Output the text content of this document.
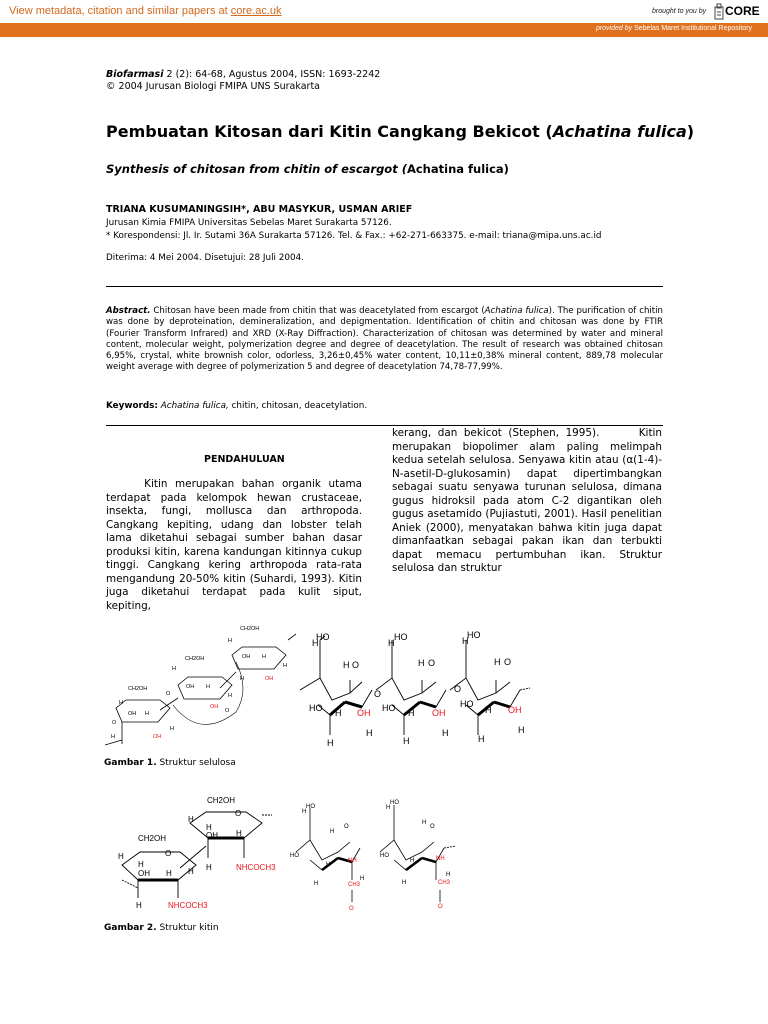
View metadata, citation and similar papers at core.ac.uk	brought to you by CORE
provided by Sebelas Maret Institutional Repository
Biofarmasi 2 (2): 64-68, Agustus 2004, ISSN: 1693-2242
© 2004 Jurusan Biologi FMIPA UNS Surakarta
Pembuatan Kitosan dari Kitin Cangkang Bekicot (Achatina fulica)
Synthesis of chitosan from chitin of escargot (Achatina fulica)
TRIANA KUSUMANINGSIH*, ABU MASYKUR, USMAN ARIEF
Jurusan Kimia FMIPA Universitas Sebelas Maret Surakarta 57126.
* Korespondensi: Jl. Ir. Sutami 36A Surakarta 57126. Tel. & Fax.: +62-271-663375. e-mail: triana@mipa.uns.ac.id
Diterima: 4 Mei 2004. Disetujui: 28 Juli 2004.
Abstract. Chitosan have been made from chitin that was deacetylated from escargot (Achatina fulica). The purification of chitin was done by deproteination, demineralization, and depigmentation. Identification of chitin and chitosan was done by FTIR (Fourier Transform Infrared) and XRD (X-Ray Diffraction). Characterization of chitosan was determined by water and mineral content, molecular weight, polymerization degree and degree of deacetylation. The result of research was obtained chitosan 6,95%, crystal, white brownish color, odorless, 3,26±0,45% water content, 10,11±0,38% mineral content, 889,78 molecular weight average with degree of polymerization 5 and degree of deacetylation 74,78-77,99%.
Keywords: Achatina fulica, chitin, chitosan, deacetylation.
PENDAHULUAN
Kitin merupakan bahan organik utama terdapat pada kelompok hewan crustaceae, insekta, fungi, mollusca dan arthropoda. Cangkang kepiting, udang dan lobster telah lama diketahui sebagai sumber bahan dasar produksi kitin, karena kandungan kitinnya cukup tinggi. Cangkang kering arthropoda rata-rata mengandung 20-50% kitin (Suhardi, 1993). Kitin juga diketahui terdapat pada kulit siput, kepiting,
kerang, dan bekicot (Stephen, 1995).      Kitin merupakan biopolimer alam paling melimpah kedua setelah selulosa. Senyawa kitin atau (α(1-4)-N-asetil-D-glukosamin) dapat dipertimbangkan sebagai suatu senyawa turunan selulosa, dimana gugus hidroksil pada atom C-2 digantikan oleh gugus asetamido (Pujiastuti, 2001). Hasil penelitian Aniek (2000), menyatakan bahwa kitin juga dapat dimanfaatkan sebagai pakan ikan dan terbukti dapat memacu pertumbuhan ikan. Struktur selulosa dan struktur
CH2OH
CH2OH
CH2OH
H
OH H
O
O
OH H
H
H
OH H
H
H
O
H
H
H	OH
OH
OH
HO
H
HO
H
HO
H
H O	H O	H O
HO H OH
H
HO H OH
H
HO
H OH
H
H	H	H
O	O
CH2OH
CH2OH
H
H
OH H
O
H
H
OH H
O
H H	NHCOCH3
H	NHCOCH3
HO
H
HO
H
H
O
H
O
HO
H
NH
HO
H	NH
H
H	H
H
CH3	CH3
O	O
Gambar 1. Struktur selulosa
Gambar 2. Struktur kitin
